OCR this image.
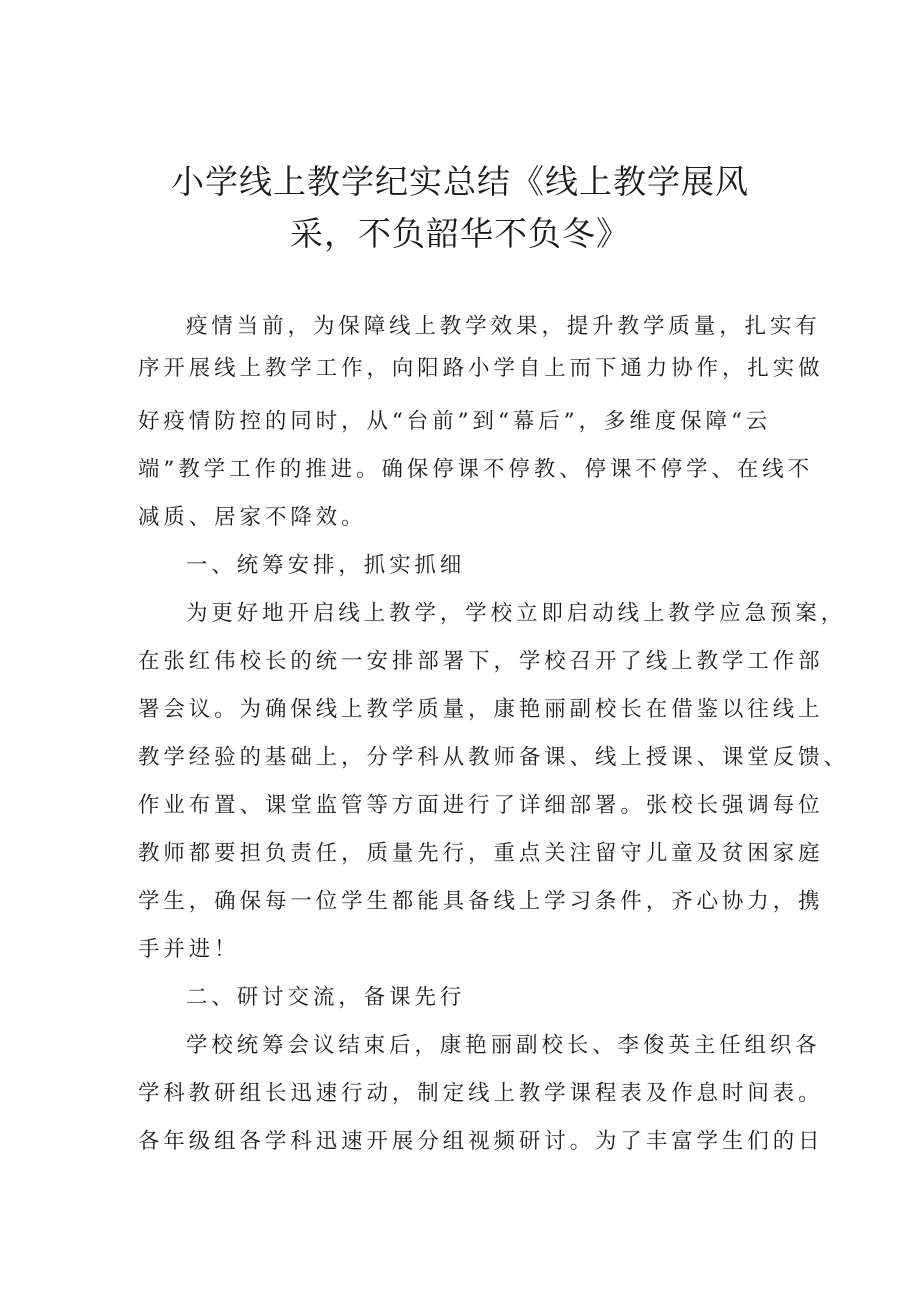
小学线上教学纪实总结《线上教学展风
采，不负韶华不负冬》

疫情当前，为保障线上教学效果，提升教学质量，扎实有

序开展线上教学工作，向阳路小学自上而下通力协作，扎实做

好疫情防控的同时，从“台前”到“幕后”，多维度保障“云

端”教学工作的推进。确保停课不停教、停课不停学、在线不

减质、居家不降效。

一、统筹安排，抓实抓细

为更好地开启线上教学，学校立即启动线上教学应急预案，

在张红伟校长的统一安排部署下，学校召开了线上教学工作部

署会议。为确保线上教学质量，康艳丽副校长在借鉴以往线上

教学经验的基础上，分学科从教师备课、线上授课、课堂反馈、

作业布置、课堂监管等方面进行了详细部署。张校长强调每位

教师都要担负责任，质量先行，重点关注留守儿童及贫困家庭

学生，确保每一位学生都能具备线上学习条件，齐心协力，携

手并进！

二、研讨交流，备课先行

学校统筹会议结束后，康艳丽副校长、李俊英主任组织各

学科教研组长迅速行动，制定线上教学课程表及作息时间表。

各年级组各学科迅速开展分组视频研讨。为了丰富学生们的日
